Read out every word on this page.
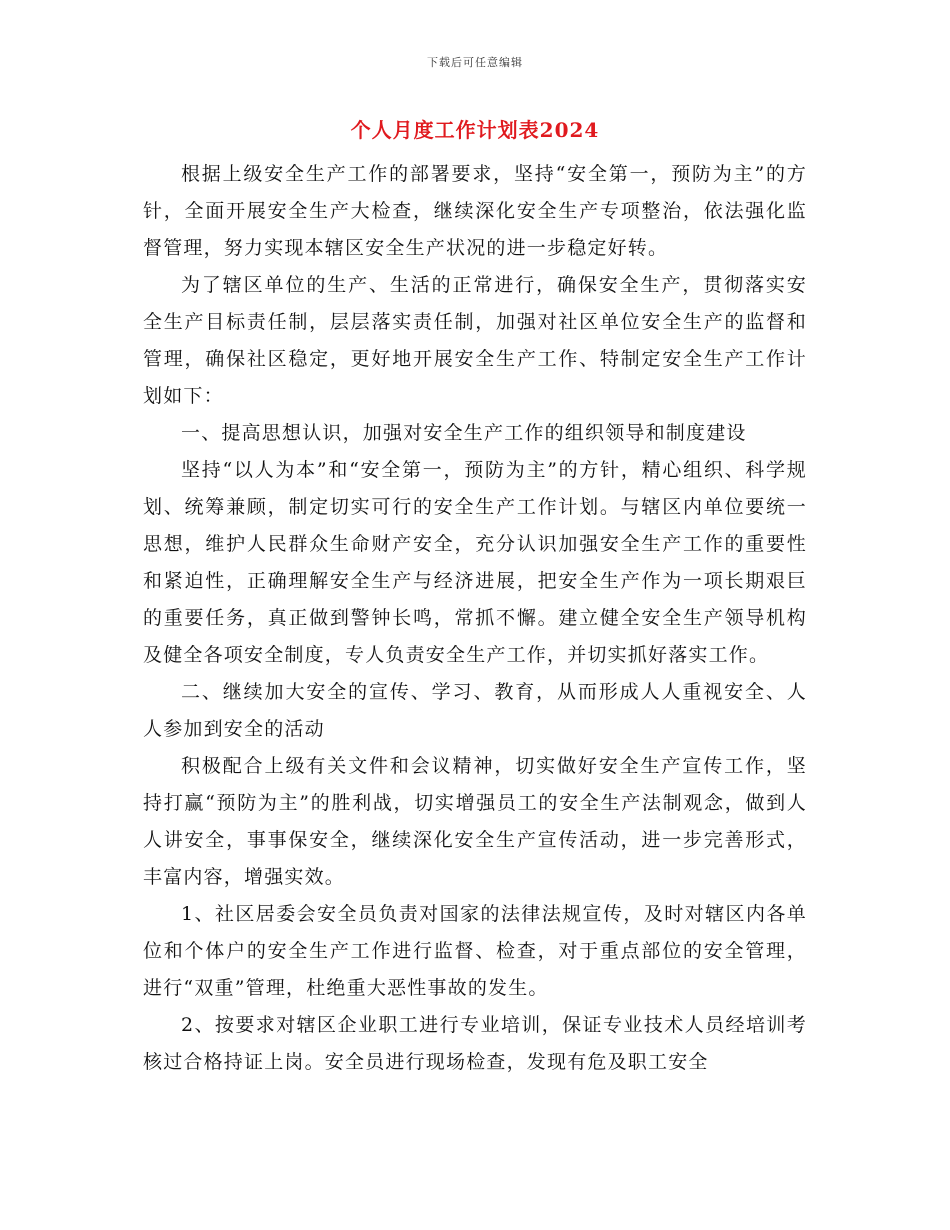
下载后可任意编辑
个人月度工作计划表2024

根据上级安全生产工作的部署要求，坚持“安全第一，预防为主”的方针，全面开展安全生产大检查，继续深化安全生产专项整治，依法强化监督管理，努力实现本辖区安全生产状况的进一步稳定好转。

为了辖区单位的生产、生活的正常进行，确保安全生产，贯彻落实安全生产目标责任制，层层落实责任制，加强对社区单位安全生产的监督和管理，确保社区稳定，更好地开展安全生产工作、特制定安全生产工作计划如下：

一、提高思想认识，加强对安全生产工作的组织领导和制度建设

坚持“以人为本”和“安全第一，预防为主”的方针，精心组织、科学规划、统筹兼顾，制定切实可行的安全生产工作计划。与辖区内单位要统一思想，维护人民群众生命财产安全，充分认识加强安全生产工作的重要性和紧迫性，正确理解安全生产与经济进展，把安全生产作为一项长期艰巨的重要任务，真正做到警钟长鸣，常抓不懈。建立健全安全生产领导机构及健全各项安全制度，专人负责安全生产工作，并切实抓好落实工作。

二、继续加大安全的宣传、学习、教育，从而形成人人重视安全、人人参加到安全的活动

积极配合上级有关文件和会议精神，切实做好安全生产宣传工作，坚持打赢“预防为主”的胜利战，切实增强员工的安全生产法制观念，做到人人讲安全，事事保安全，继续深化安全生产宣传活动，进一步完善形式，丰富内容，增强实效。

1、社区居委会安全员负责对国家的法律法规宣传，及时对辖区内各单位和个体户的安全生产工作进行监督、检查，对于重点部位的安全管理，进行“双重”管理，杜绝重大恶性事故的发生。

2、按要求对辖区企业职工进行专业培训，保证专业技术人员经培训考核过合格持证上岗。安全员进行现场检查，发现有危及职工安全
